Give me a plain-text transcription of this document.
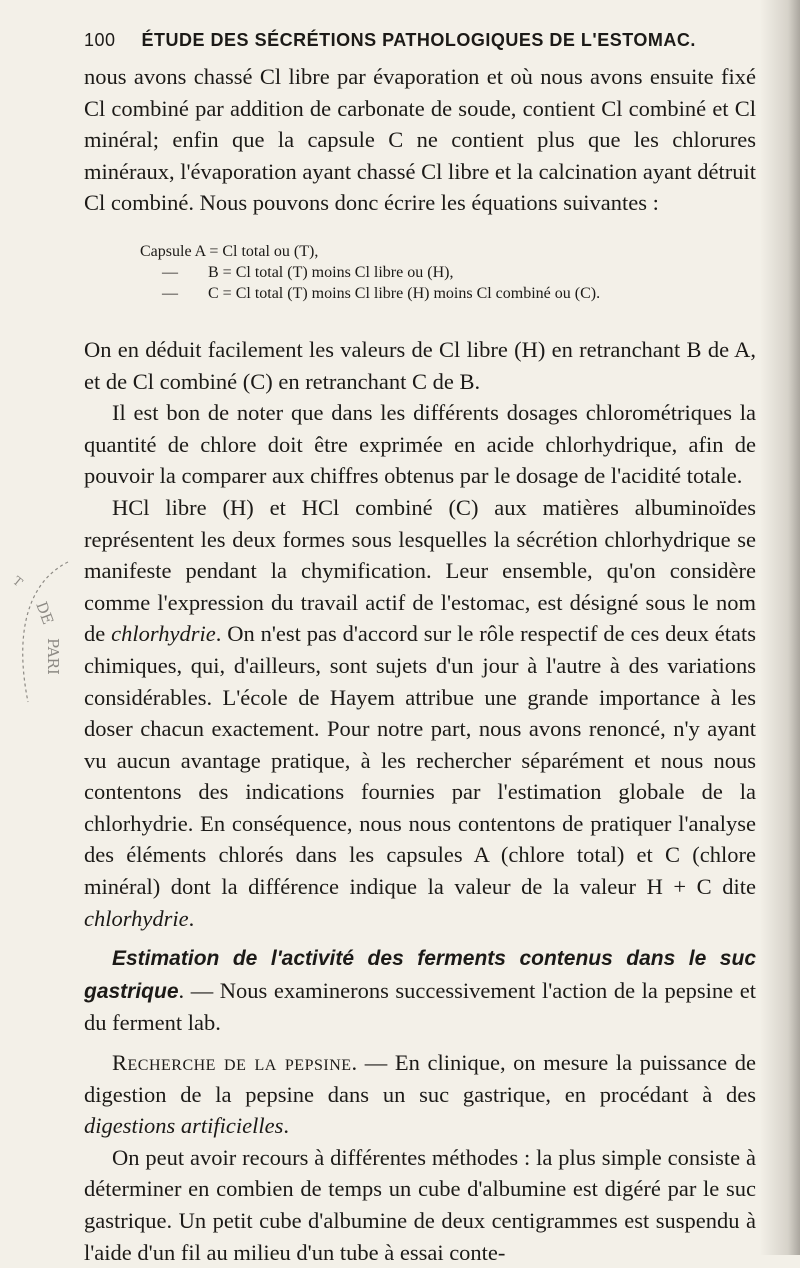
DE
PARI
T
100 ÉTUDE DES SÉCRÉTIONS PATHOLOGIQUES DE L'ESTOMAC.

nous avons chassé Cl libre par évaporation et où nous avons ensuite fixé Cl combiné par addition de carbonate de soude, contient Cl combiné et Cl minéral; enfin que la capsule C ne contient plus que les chlorures minéraux, l'évaporation ayant chassé Cl libre et la calcination ayant détruit Cl combiné. Nous pouvons donc écrire les équations suivantes :

Capsule A = Cl total ou (T),
— B = Cl total (T) moins Cl libre ou (H),
— C = Cl total (T) moins Cl libre (H) moins Cl combiné ou (C).

On en déduit facilement les valeurs de Cl libre (H) en retranchant B de A, et de Cl combiné (C) en retranchant C de B.

Il est bon de noter que dans les différents dosages chlorométriques la quantité de chlore doit être exprimée en acide chlorhydrique, afin de pouvoir la comparer aux chiffres obtenus par le dosage de l'acidité totale.

HCl libre (H) et HCl combiné (C) aux matières albuminoïdes représentent les deux formes sous lesquelles la sécrétion chlorhydrique se manifeste pendant la chymification. Leur ensemble, qu'on considère comme l'expression du travail actif de l'estomac, est désigné sous le nom de chlorhydrie. On n'est pas d'accord sur le rôle respectif de ces deux états chimiques, qui, d'ailleurs, sont sujets d'un jour à l'autre à des variations considérables. L'école de Hayem attribue une grande importance à les doser chacun exactement. Pour notre part, nous avons renoncé, n'y ayant vu aucun avantage pratique, à les rechercher séparément et nous nous contentons des indications fournies par l'estimation globale de la chlorhydrie. En conséquence, nous nous contentons de pratiquer l'analyse des éléments chlorés dans les capsules A (chlore total) et C (chlore minéral) dont la différence indique la valeur de la valeur H + C dite chlorhydrie.

Estimation de l'activité des ferments contenus dans le suc gastrique. — Nous examinerons successivement l'action de la pepsine et du ferment lab.

Recherche de la pepsine. — En clinique, on mesure la puissance de digestion de la pepsine dans un suc gastrique, en procédant à des digestions artificielles.

On peut avoir recours à différentes méthodes : la plus simple consiste à déterminer en combien de temps un cube d'albumine est digéré par le suc gastrique. Un petit cube d'albumine de deux centigrammes est suspendu à l'aide d'un fil au milieu d'un tube à essai conte-
